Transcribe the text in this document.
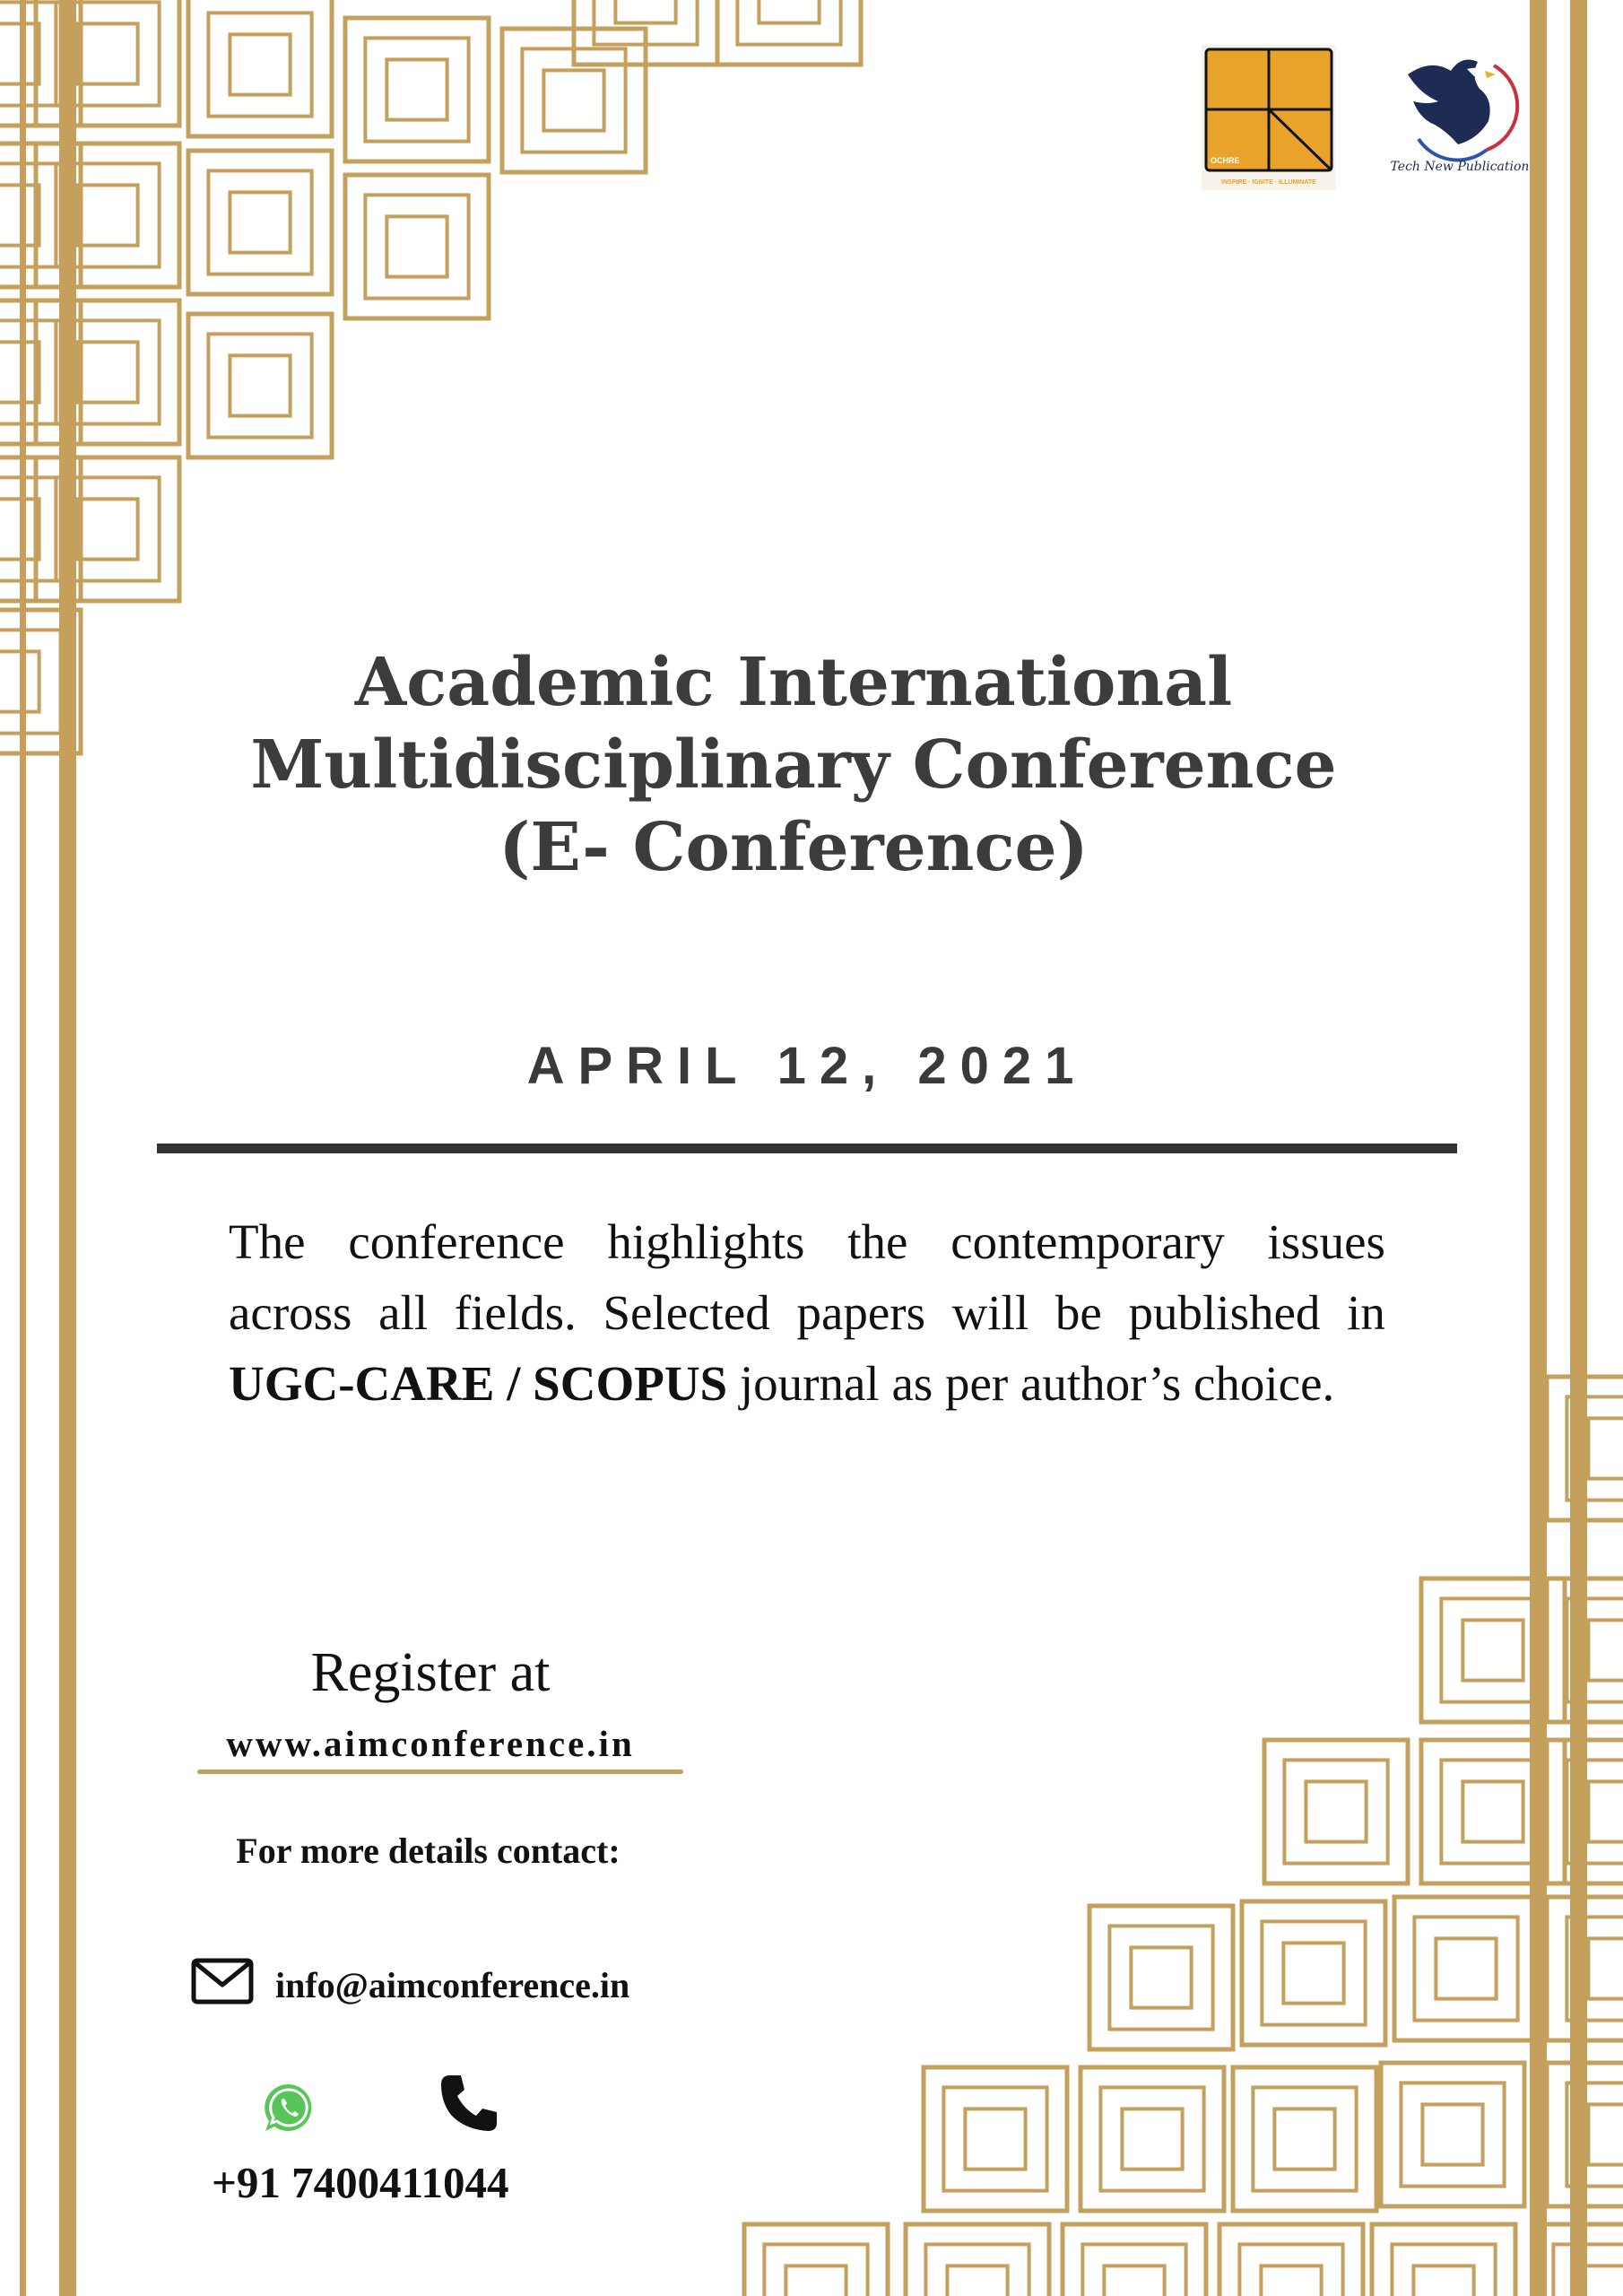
OCHRE
INSPIRE · IGNITE · ILLUMINATE
Tech New Publication
Academic International
Multidisciplinary Conference
(E- Conference)
APRIL 12, 2021
The conference highlights the contemporary issues
across all fields. Selected papers will be published in
UGC-CARE / SCOPUS journal as per author’s choice.
Register at
www.aimconference.in
For more details contact:
info@aimconference.in
+91 7400411044
